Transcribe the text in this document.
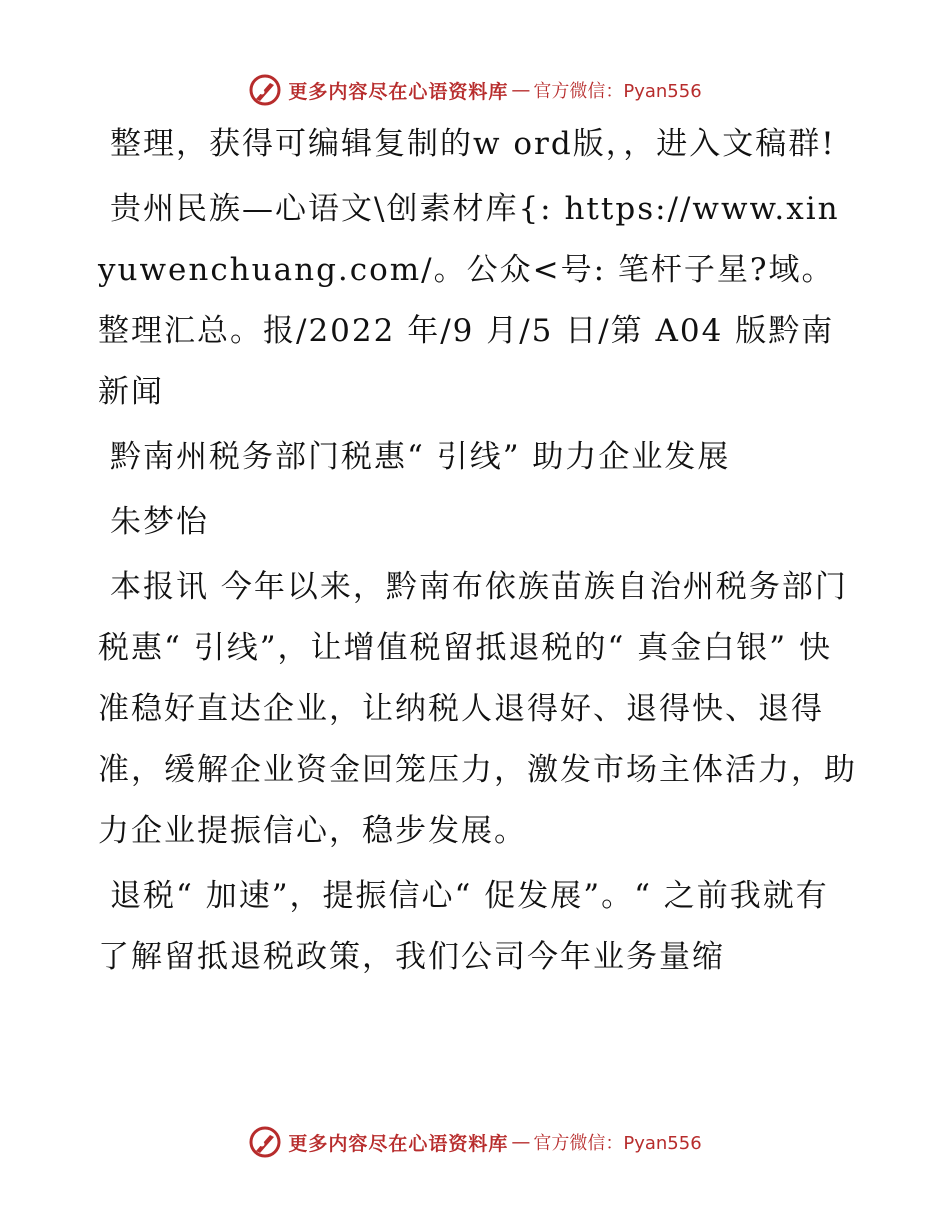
更多内容尽在心语资料库 — 官方微信：Pyan556

整理，获得可编辑复制的w ord版，，进入文稿群!

贵州民族—心语文\创素材库{: https://www.xinyuwenchuang.com/。公众<号: 笔杆子星?域。整理汇总。报/2022 年/9 月/5 日/第 A04 版黔南新闻

黔南州税务部门税惠“ 引线” 助力企业发展

朱梦怡

本报讯 今年以来，黔南布依族苗族自治州税务部门税惠“ 引线”，让增值税留抵退税的“ 真金白银” 快准稳好直达企业，让纳税人退得好、退得快、退得准，缓解企业资金回笼压力，激发市场主体活力，助力企业提振信心，稳步发展。

退税“ 加速”，提振信心“ 促发展”。“ 之前我就有了解留抵退税政策，我们公司今年业务量缩

更多内容尽在心语资料库 — 官方微信：Pyan556
